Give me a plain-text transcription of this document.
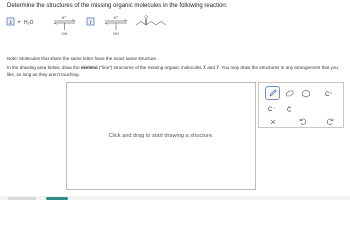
Determine the structures of the missing organic molecules in the following reaction:
X + H₂O
H⁺
OH
Y
H⁺
OH
O
Note: Molecules that share the same letter have the exact same structure.
In the drawing area below, draw the skeletal (“line”) structures of the missing organic molecules X and Y. You may draw the structures in any arrangement that you like, so long as they aren't touching.
Click and drag to start drawing a structure.
C⁺
C⁻ C̈
